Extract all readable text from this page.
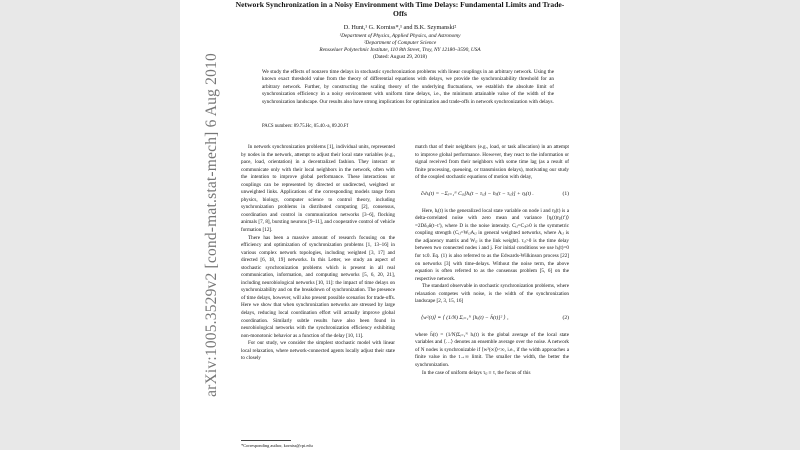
arXiv:1005.3529v2 [cond-mat.stat-mech] 6 Aug 2010
Network Synchronization in a Noisy Environment with Time Delays: Fundamental Limits and Trade-Offs
D. Hunt,¹ G. Korniss*,¹ and B.K. Szymanski²
¹Department of Physics, Applied Physics, and Astronomy
²Department of Computer Science
Rensselaer Polytechnic Institute, 110 8th Street, Troy, NY 12180–3590, USA
(Dated: August 29, 2018)
We study the effects of nonzero time delays in stochastic synchronization problems with linear couplings in an arbitrary network. Using the known exact threshold value from the theory of differential equations with delays, we provide the synchronizability threshold for an arbitrary network. Further, by constructing the scaling theory of the underlying fluctuations, we establish the absolute limit of synchronization efficiency in a noisy environment with uniform time delays, i.e., the minimum attainable value of the width of the synchronization landscape. Our results also have strong implications for optimization and trade-offs in network synchronization with delays.
PACS numbers: 89.75.Hc, 05.40.-a, 89.20.Ff

In network synchronization problems [1], individual units, represented by nodes in the network, attempt to adjust their local state variables (e.g., pace, load, orientation) in a decentralized fashion. They interact or communicate only with their local neighbors in the network, often with the intention to improve global performance. These interactions or couplings can be represented by directed or undirected, weighted or unweighted links. Applications of the corresponding models range from physics, biology, computer science to control theory, including synchronization problems in distributed computing [2], consensus, coordination and control in communication networks [3–6], flocking animals [7, 8], bursting neurons [9–11], and cooperative control of vehicle formation [12].

There has been a massive amount of research focusing on the efficiency and optimization of synchronization problems [1, 13–16] in various complex network topologies, including weighted [3, 17] and directed [6, 18, 19] networks. In this Letter, we study an aspect of stochastic synchronization problems which is present in all real communication, information, and computing networks [5, 6, 20, 21], including neurobiological networks [10, 11]: the impact of time delays on synchronizability and on the breakdown of synchronization. The presence of time delays, however, will also present possible scenarios for trade-offs. Here we show that when synchronization networks are stressed by large delays, reducing local coordination effort will actually improve global coordination. Similarly subtle results have also been found in neurobiological networks with the synchronization efficiency exhibiting non-monotonic behavior as a function of the delay [10, 11].

For our study, we consider the simplest stochastic model with linear local relaxation, where network-connected agents locally adjust their state to closely

match that of their neighbors (e.g., load, or task allocation) in an attempt to improve global performance. However, they react to the information or signal received from their neighbors with some time lag (as a result of finite processing, queueing, or transmission delays), motivating our study of the coupled stochastic equations of motion with delay,

∂ₜhᵢ(t) = −Σⱼ₌₁ᴺ Cᵢⱼ[hᵢ(t − τᵢⱼ) − hⱼ(t − τᵢⱼ)] + ηᵢ(t) .	(1)

Here, hᵢ(t) is the generalized local state variable on node i and ηᵢ(t) is a delta-correlated noise with zero mean and variance ⟨ηᵢ(t)ηⱼ(t′)⟩=2Dδᵢⱼδ(t−t′), where D is the noise intensity. Cᵢⱼ=Cⱼᵢ≥0 is the symmetric coupling strength (Cᵢⱼ=WᵢⱼAᵢⱼ in general weighted networks, where Aᵢⱼ is the adjacency matrix and Wᵢⱼ is the link weight). τᵢⱼ>0 is the time delay between two connected nodes i and j. For initial conditions we use hᵢ(t)=0 for t≤0. Eq. (1) is also referred to as the Edwards-Wilkinson process [22] on networks [3] with time-delays. Without the noise term, the above equation is often referred to as the consensus problem [5, 6] on the respective network.

The standard observable in stochastic synchronization problems, where relaxation competes with noise, is the width of the synchronization landscape [2, 3, 15, 16]

⟨w²(t)⟩ ≡ ⟨ (1/N) Σᵢ₌₁ᴺ [hᵢ(t) − h̄(t)]² ⟩ ,	(2)

where h̄(t) = (1/N)Σᵢ₌₁ᴺ hᵢ(t) is the global average of the local state variables and ⟨…⟩ denotes an ensemble average over the noise. A network of N nodes is synchronizable if ⟨w²(∞)⟩<∞, i.e., if the width approaches a finite value in the t→∞ limit. The smaller the width, the better the synchronization.

In the case of uniform delays τᵢⱼ ≡ τ, the focus of this

*Corresponding author, korniss@rpi.edu
